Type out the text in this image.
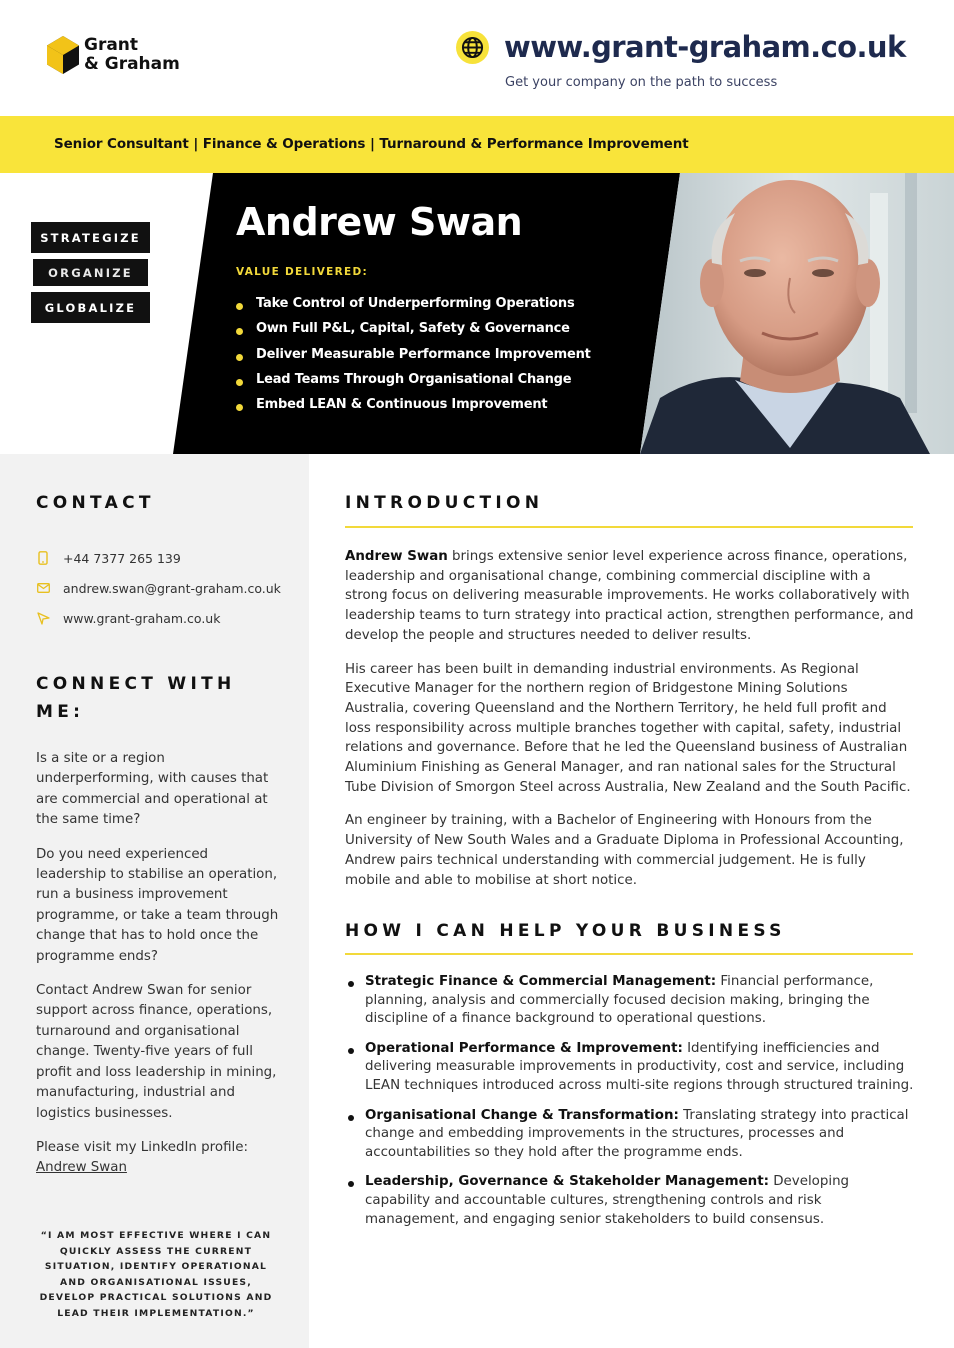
Grant
& Graham	www.grant-graham.co.uk
Get your company on the path to success
Senior Consultant | Finance & Operations | Turnaround & Performance Improvement
STRATEGIZE
ORGANIZE
GLOBALIZE
Andrew Swan
VALUE DELIVERED:
Take Control of Underperforming Operations
Own Full P&L, Capital, Safety & Governance
Deliver Measurable Performance Improvement
Lead Teams Through Organisational Change
Embed LEAN & Continuous Improvement
CONTACT
+44 7377 265 139
andrew.swan@grant-graham.co.uk
www.grant-graham.co.uk
CONNECT WITH ME:

Is a site or a region underperforming, with causes that are commercial and operational at the same time?

Do you need experienced leadership to stabilise an operation, run a business improvement programme, or take a team through change that has to hold once the programme ends?

Contact Andrew Swan for senior support across finance, operations, turnaround and organisational change. Twenty-five years of full profit and loss leadership in mining, manufacturing, industrial and logistics businesses.

Please visit my LinkedIn profile:
Andrew Swan

“I AM MOST EFFECTIVE WHERE I CAN QUICKLY ASSESS THE CURRENT SITUATION, IDENTIFY OPERATIONAL AND ORGANISATIONAL ISSUES, DEVELOP PRACTICAL SOLUTIONS AND LEAD THEIR IMPLEMENTATION.”
INTRODUCTION

Andrew Swan brings extensive senior level experience across finance, operations, leadership and organisational change, combining commercial discipline with a strong focus on delivering measurable improvements. He works collaboratively with leadership teams to turn strategy into practical action, strengthen performance, and develop the people and structures needed to deliver results.

His career has been built in demanding industrial environments. As Regional Executive Manager for the northern region of Bridgestone Mining Solutions Australia, covering Queensland and the Northern Territory, he held full profit and loss responsibility across multiple branches together with capital, safety, industrial relations and governance. Before that he led the Queensland business of Australian Aluminium Finishing as General Manager, and ran national sales for the Structural Tube Division of Smorgon Steel across Australia, New Zealand and the South Pacific.

An engineer by training, with a Bachelor of Engineering with Honours from the University of New South Wales and a Graduate Diploma in Professional Accounting, Andrew pairs technical understanding with commercial judgement. He is fully mobile and able to mobilise at short notice.

HOW I CAN HELP YOUR BUSINESS
Strategic Finance & Commercial Management: Financial performance, planning, analysis and commercially focused decision making, bringing the discipline of a finance background to operational questions.
Operational Performance & Improvement: Identifying inefficiencies and delivering measurable improvements in productivity, cost and service, including LEAN techniques introduced across multi-site regions through structured training.
Organisational Change & Transformation: Translating strategy into practical change and embedding improvements in the structures, processes and accountabilities so they hold after the programme ends.
Leadership, Governance & Stakeholder Management: Developing capability and accountable cultures, strengthening controls and risk management, and engaging senior stakeholders to build consensus.
